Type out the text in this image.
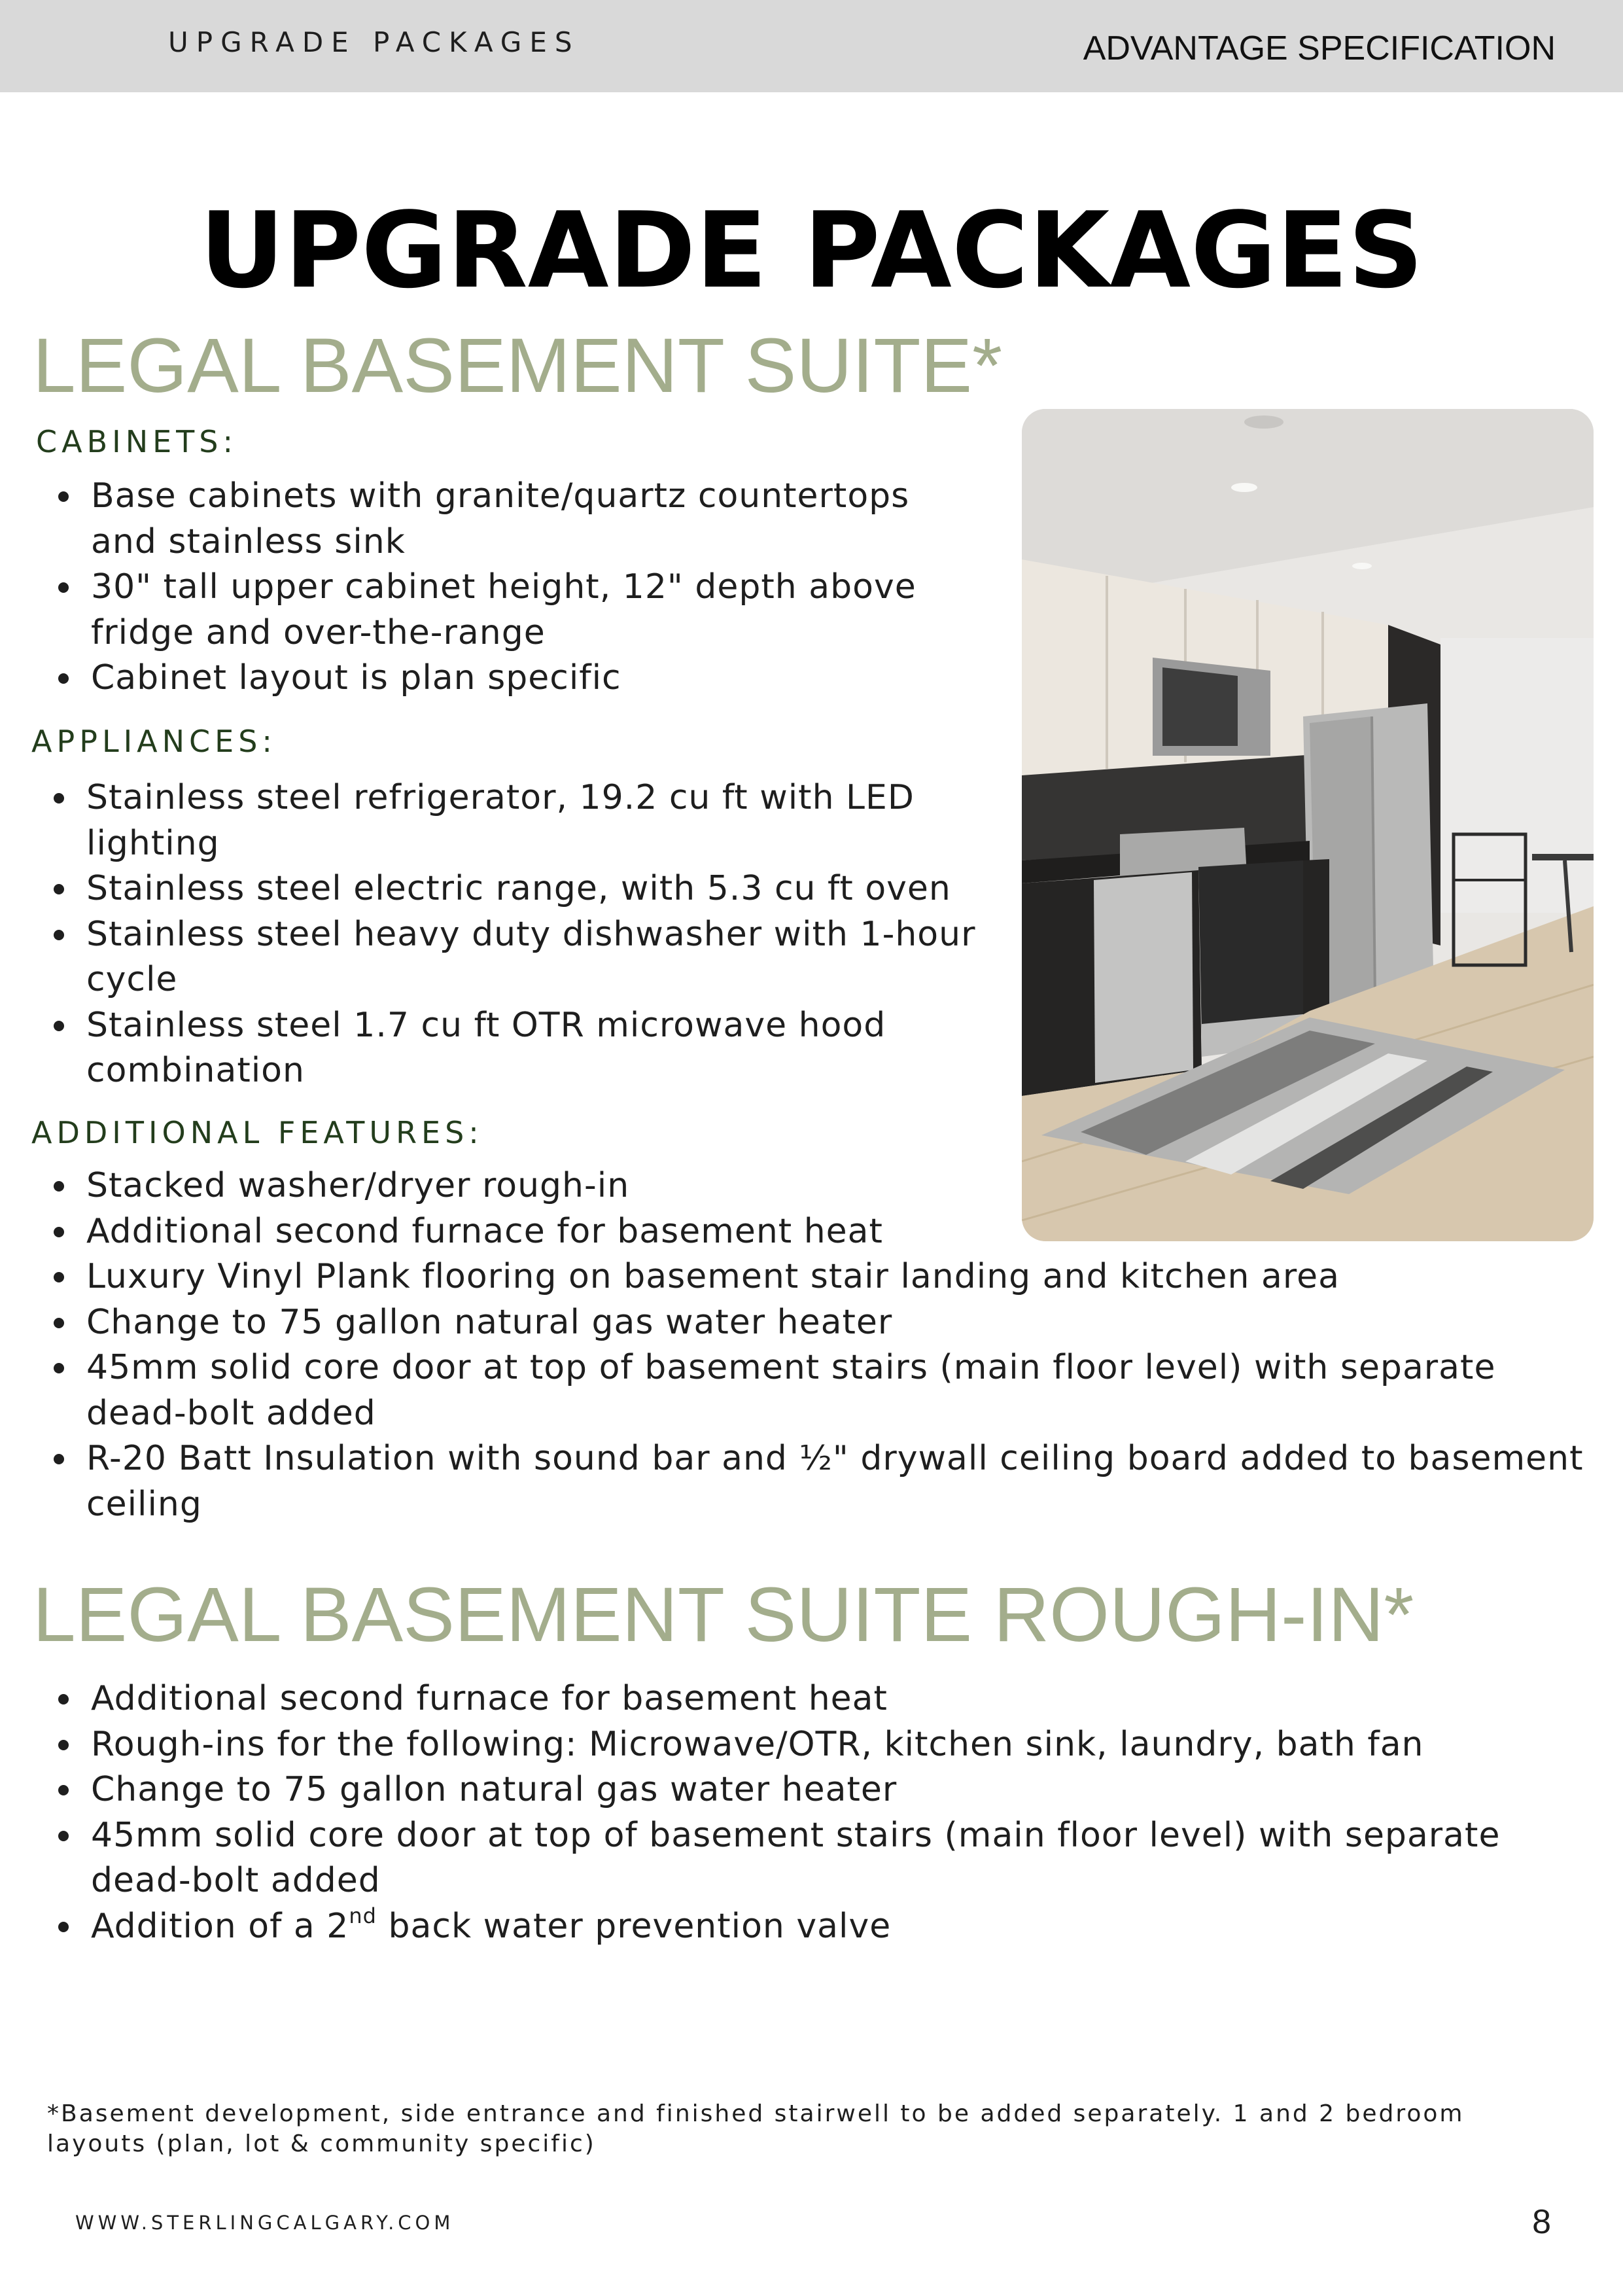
UPGRADE PACKAGES	ADVANTAGE SPECIFICATION
UPGRADE PACKAGES
LEGAL BASEMENT SUITE*
CABINETS:
Base cabinets with granite/quartz countertops and stainless sink
30" tall upper cabinet height, 12" depth above fridge and over-the-range
Cabinet layout is plan specific
APPLIANCES:
Stainless steel refrigerator, 19.2 cu ft with LED lighting
Stainless steel electric range, with 5.3 cu ft oven
Stainless steel heavy duty dishwasher with 1-hour cycle
Stainless steel 1.7 cu ft OTR microwave hood combination
ADDITIONAL FEATURES:
Stacked washer/dryer rough-in
Additional second furnace for basement heat
Luxury Vinyl Plank flooring on basement stair landing and kitchen area
Change to 75 gallon natural gas water heater
45mm solid core door at top of basement stairs (main floor level) with separate dead-bolt added
R-20 Batt Insulation with sound bar and ½" drywall ceiling board added to basement ceiling
LEGAL BASEMENT SUITE ROUGH-IN*
Additional second furnace for basement heat
Rough-ins for the following: Microwave/OTR, kitchen sink, laundry, bath fan
Change to 75 gallon natural gas water heater
45mm solid core door at top of basement stairs (main floor level) with separate dead-bolt added
Addition of a 2nd back water prevention valve
*Basement development, side entrance and finished stairwell to be added separately. 1 and 2 bedroom layouts (plan, lot & community specific)
WWW.STERLINGCALGARY.COM	8
